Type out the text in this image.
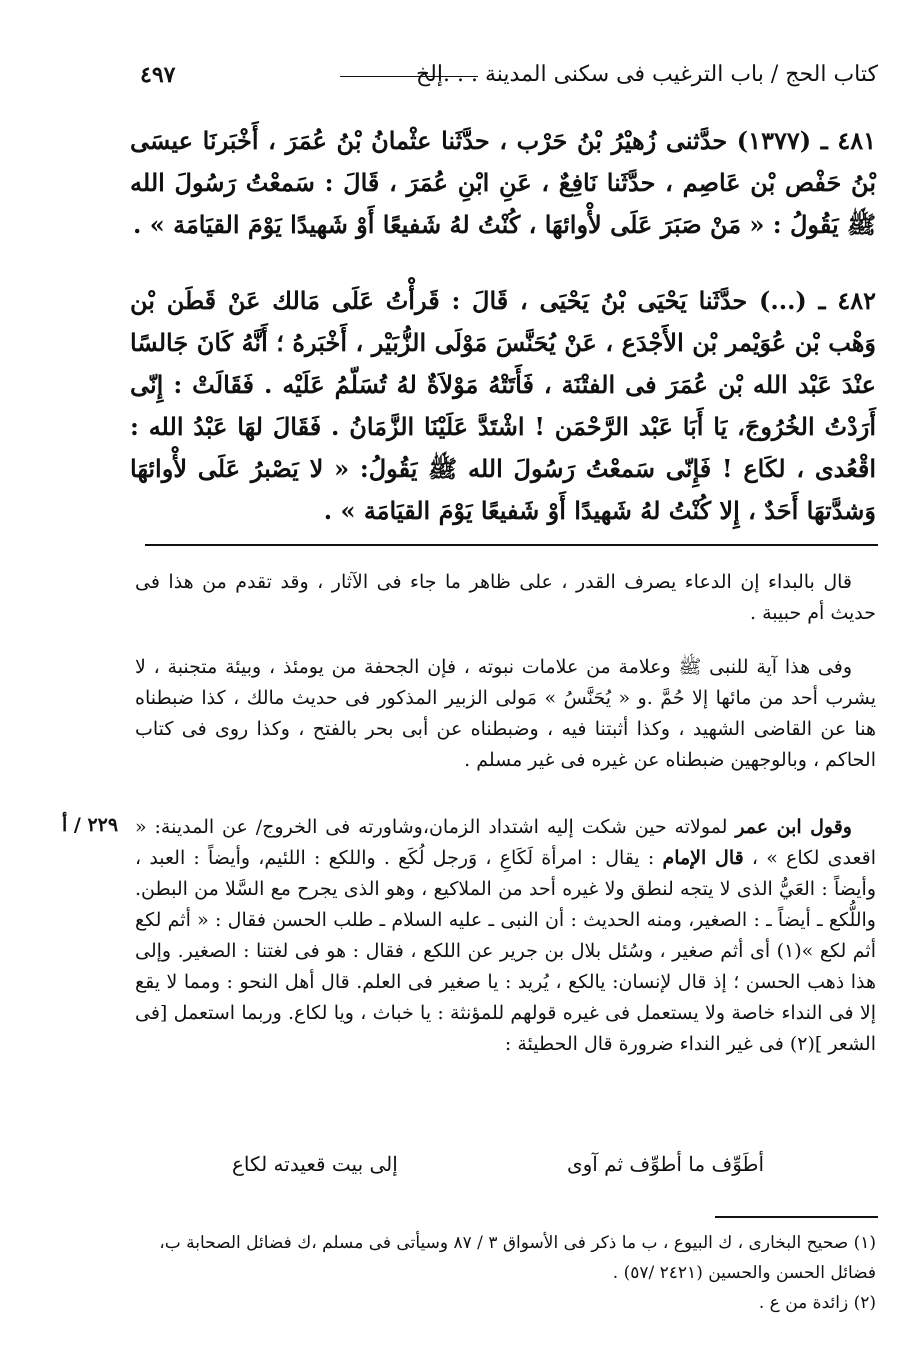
كتاب الحج / باب الترغيب فى سكنى المدينة . . .إلخ
٤٩٧
٤٨١ ـ (١٣٧٧) حدَّثنى زُهيْرُ بْنُ حَرْب ، حدَّثَنا عثْمانُ بْنُ عُمَرَ ، أَخْبَرنَا عيسَى بْنُ حَفْص بْن عَاصِم ، حدَّثَنا نَافِعٌ ، عَنِ ابْنِ عُمَرَ ، قَالَ : سَمعْتُ رَسُولَ الله ﷺ يَقُولُ : « مَنْ صَبَرَ عَلَى لأْوائهَا ، كُنْتُ لهُ شَفيعًا أَوْ شَهيدًا يَوْمَ القيَامَة » .
٤٨٢ ـ (...) حدَّثَنا يَحْيَى بْنُ يَحْيَى ، قَالَ : قَرأْتُ عَلَى مَالك عَنْ قَطَن بْن وَهْب بْن عُوَيْمر بْن الأَجْدَع ، عَنْ يُحَنَّسَ مَوْلَى الزُّبَيْر ، أَخْبَرهُ ؛ أَنَّهُ كَانَ جَالسًا عنْدَ عَبْد الله بْن عُمَرَ فى الفتْنَة ، فَأَتَتْهُ مَوْلاَةٌ لهُ تُسَلّمُ عَلَيْه . فَقَالَتْ : إِنّى أَرَدْتُ الخُرُوجَ، يَا أَبَا عَبْد الرَّحْمَن ! اشْتَدَّ عَلَيْنَا الزَّمَانُ . فَقَالَ لهَا عَبْدُ الله : اقْعُدى ، لكَاع ! فَإِنّى سَمعْتُ رَسُولَ الله ﷺ يَقُولُ: « لا يَصْبرُ عَلَى لأْوائهَا وَشدَّتهَا أَحَدٌ ، إِلا كُنْتُ لهُ شَهيدًا أَوْ شَفيعًا يَوْمَ القيَامَة » .

قال بالبداء إن الدعاء يصرف القدر ، على ظاهر ما جاء فى الآثار ، وقد تقدم من هذا فى حديث أم حبيبة .

وفى هذا آية للنبى ﷺ وعلامة من علامات نبوته ، فإن الجحفة من يومئذ ، وبيئة متجنبة ، لا يشرب أحد من مائها إلا حُمَّ .و « يُحَنَّسُ » مَولى الزبير المذكور فى حديث مالك ، كذا ضبطناه هنا عن القاضى الشهيد ، وكذا أثبتنا فيه ، وضبطناه عن أبى بحر بالفتح ، وكذا روى فى كتاب الحاكم ، وبالوجهين ضبطناه عن غيره فى غير مسلم .

وقول ابن عمر لمولاته حين شكت إليه اشتداد الزمان،وشاورته فى الخروج/ عن المدينة: « اقعدى لكاع » ، قال الإمام : يقال : امرأة لَكَاعِ ، وَرجل لُكَع . واللكع : اللئيم، وأيضاً : العبد ، وأيضاً : العَيُّ الذى لا يتجه لنطق ولا غيره أحد من الملاكيع ، وهو الذى يجرح مع السَّلا من البطن. واللُّكع ـ أيضاً ـ : الصغير، ومنه الحديث : أن النبى ـ عليه السلام ـ طلب الحسن فقال : « أثم لكع أثم لكع »(١) أى أثم صغير ، وسُئل بلال بن جرير عن اللكع ، فقال : هو فى لغتنا : الصغير. وإلى هذا ذهب الحسن ؛ إذ قال لإنسان: يالكع ، يُريد : يا صغير فى العلم. قال أهل النحو : ومما لا يقع إلا فى النداء خاصة ولا يستعمل فى غيره قولهم للمؤنثة : يا خباث ، ويا لكاع. وربما استعمل [فى الشعر ](٢) فى غير النداء ضرورة قال الحطيئة :

٢٢٩ / أ
أطَوِّف ما أطوِّف ثم آوى
إلى بيت قعيدته لكاع
(١) صحيح البخارى ، ك البيوع ، ب ما ذكر فى الأسواق ٣ / ٨٧ وسيأتى فى مسلم ،ك فضائل الصحابة ب، فضائل الحسن والحسين (٢٤٢١ /٥٧) .
(٢) زائدة من ع .
